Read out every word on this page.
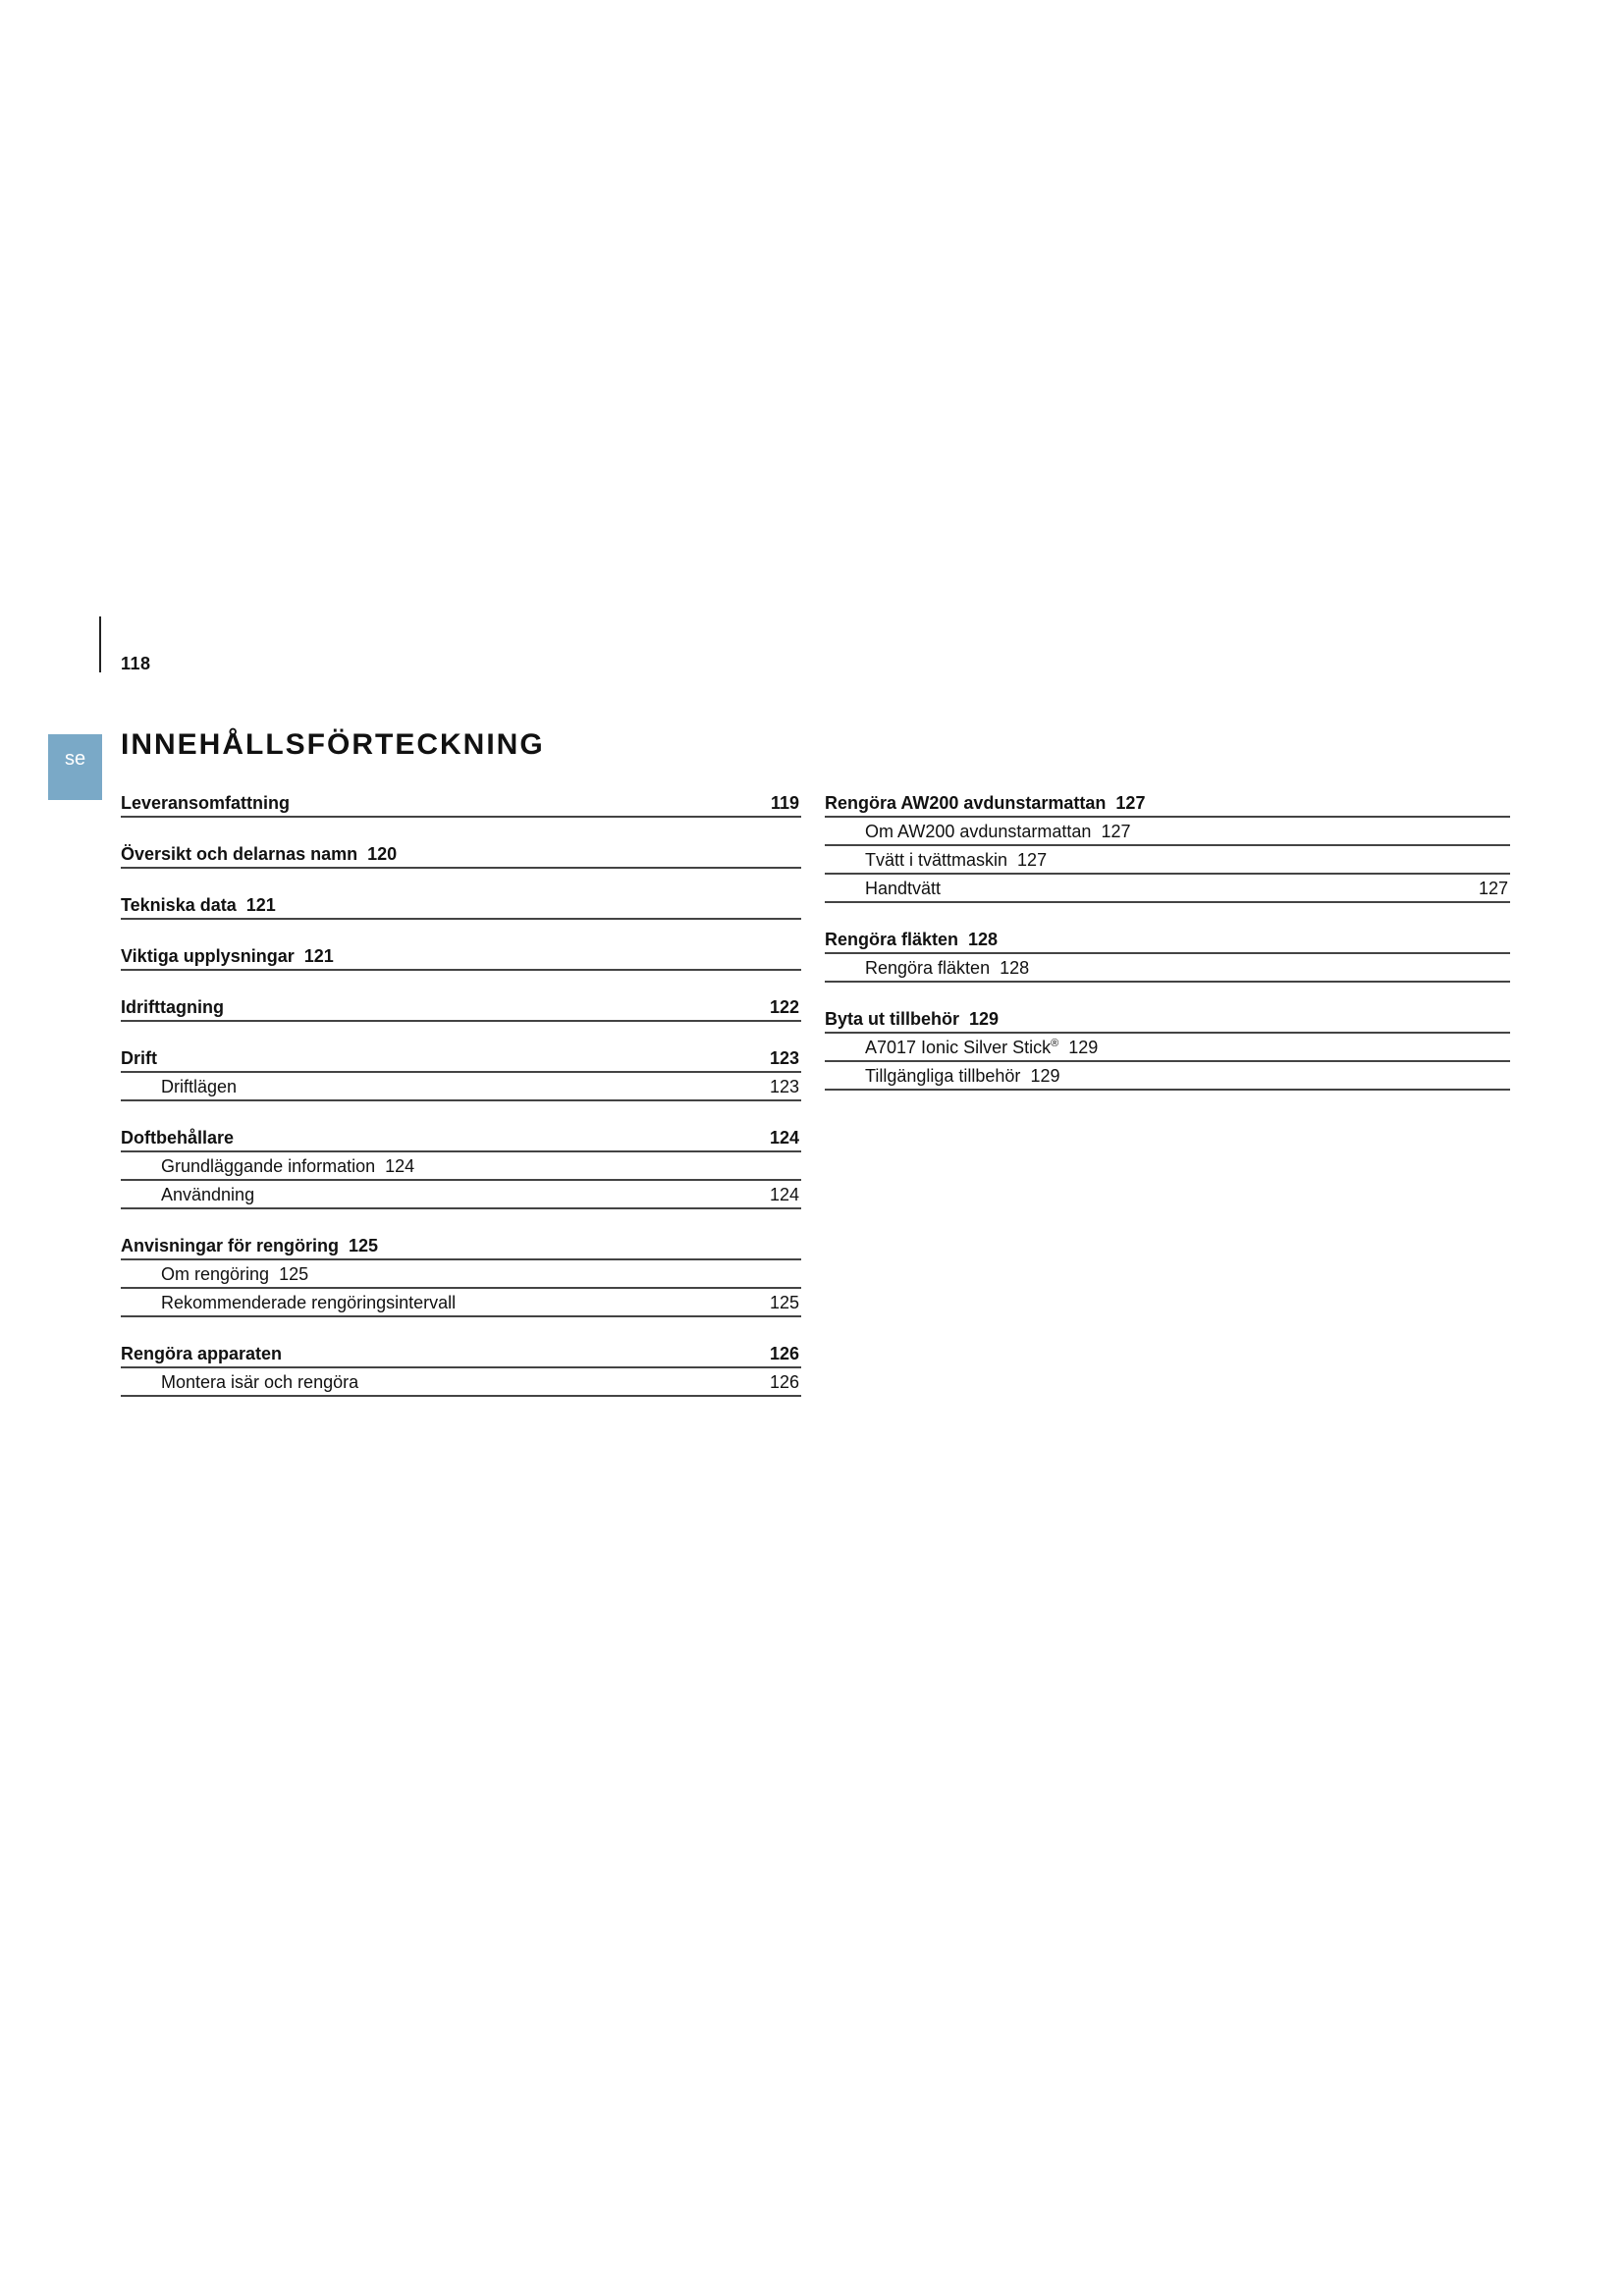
118
se	INNEHÅLLSFÖRTECKNING
Leveransomfattning	119
Översikt och delarnas namn 120
Tekniska data 121
Viktiga upplysningar 121
Idrifttagning	122
Drift	123
Driftlägen	123
Doftbehållare	124
Grundläggande information 124
Användning	124
Anvisningar för rengöring 125
Om rengöring 125
Rekommenderade rengöringsintervall	125
Rengöra apparaten	126
Montera isär och rengöra	126
Rengöra AW200 avdunstarmattan 127
Om AW200 avdunstarmattan 127
Tvätt i tvättmaskin 127
Handtvätt	127
Rengöra fläkten 128
Rengöra fläkten 128
Byta ut tillbehör 129
A7017 Ionic Silver Stick® 129
Tillgängliga tillbehör 129
